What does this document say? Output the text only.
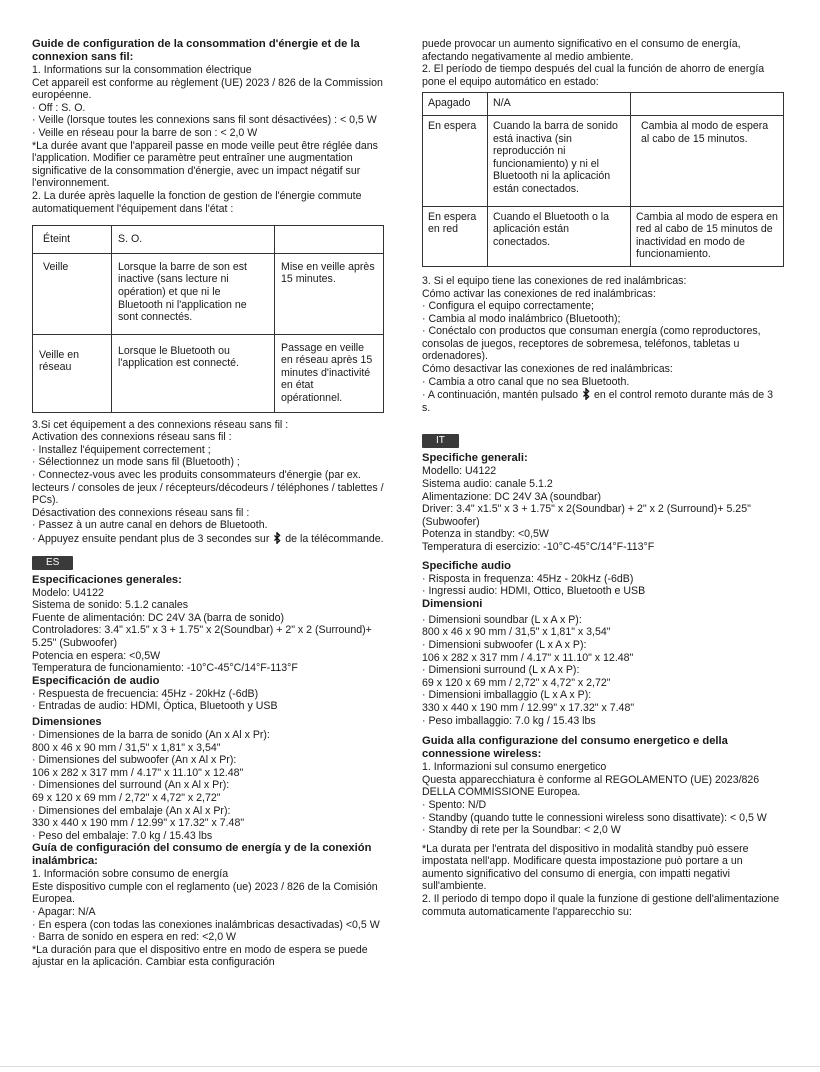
Guide de configuration de la consommation d'énergie et de la connexion sans fil:

1. Informations sur la consommation électrique

Cet appareil est conforme au règlement (UE) 2023 / 826 de la Commission européenne.

· Off : S. O.

· Veille (lorsque toutes les connexions sans fil sont désactivées) : < 0,5 W

· Veille en réseau pour la barre de son : < 2,0 W

*La durée avant que l'appareil passe en mode veille peut être réglée dans l'application. Modifier ce paramètre peut entraîner une augmentation significative de la consommation d'énergie, avec un impact négatif sur l'environnement.

2. La durée après laquelle la fonction de gestion de l'énergie commute automatiquement l'équipement dans l'état :

Éteint	S. O.	
Veille	Lorsque la barre de son est inactive (sans lecture ni opération) et que ni le Bluetooth ni l'application ne sont connectés.	Mise en veille après 15 minutes.
Veille en réseau	Lorsque le Bluetooth ou l'application est connecté.	Passage en veille en réseau après 15 minutes d'inactivité en état opérationnel.

3.Si cet équipement a des connexions réseau sans fil :

Activation des connexions réseau sans fil :

· Installez l'équipement correctement ;

· Sélectionnez un mode sans fil (Bluetooth) ;

· Connectez-vous avec les produits consommateurs d'énergie (par ex. lecteurs / consoles de jeux / récepteurs/décodeurs / téléphones / tablettes / PCs).

Désactivation des connexions réseau sans fil :

· Passez à un autre canal en dehors de Bluetooth.

· Appuyez ensuite pendant plus de 3 secondes sur de la télécommande.

ES

Especificaciones generales:

Modelo: U4122

Sistema de sonido: 5.1.2 canales

Fuente de alimentación: DC 24V 3A (barra de sonido)

Controladores: 3.4" x1.5" x 3 + 1.75" x 2(Soundbar) + 2" x 2 (Surround)+ 5.25" (Subwoofer)

Potencia en espera: <0,5W

Temperatura de funcionamiento: -10°C-45°C/14°F-113°F

Especificación de audio

· Respuesta de frecuencia: 45Hz - 20kHz (-6dB)

· Entradas de audio: HDMI, Óptica, Bluetooth y USB

Dimensiones

· Dimensiones de la barra de sonido (An x Al x Pr):

800 x 46 x 90 mm / 31,5" x 1,81" x 3,54"

· Dimensiones del subwoofer (An x Al x Pr):

106 x 282 x 317 mm / 4.17" x 11.10" x 12.48"

· Dimensiones del surround (An x Al x Pr):

69 x 120 x 69 mm / 2,72" x 4,72" x 2,72"

· Dimensiones del embalaje (An x Al x Pr):

330 x 440 x 190 mm / 12.99" x 17.32" x 7.48"

· Peso del embalaje: 7.0 kg / 15.43 lbs

Guía de configuración del consumo de energía y de la conexión inalámbrica:

1. Información sobre consumo de energía

Este dispositivo cumple con el reglamento (ue) 2023 / 826 de la Comisión Europea.

· Apagar: N/A

· En espera (con todas las conexiones inalámbricas desactivadas) <0,5 W

· Barra de sonido en espera en red: <2,0 W

*La duración para que el dispositivo entre en modo de espera se puede ajustar en la aplicación. Cambiar esta configuración

puede provocar un aumento significativo en el consumo de energía, afectando negativamente al medio ambiente.

2. El período de tiempo después del cual la función de ahorro de energía pone el equipo automático en estado:

Apagado	N/A	
En espera	Cuando la barra de sonido está inactiva (sin reproducción ni funcionamiento) y ni el Bluetooth ni la aplicación están conectados.	Cambia al modo de espera al cabo de 15 minutos.
En espera en red	Cuando el Bluetooth o la aplicación están conectados.	Cambia al modo de espera en red al cabo de 15 minutos de inactividad en modo de funcionamiento.

3. Si el equipo tiene las conexiones de red inalámbricas:

Cómo activar las conexiones de red inalámbricas:

· Configura el equipo correctamente;

· Cambia al modo inalámbrico (Bluetooth);

· Conéctalo con productos que consuman energía (como reproductores, consolas de juegos, receptores de sobremesa, teléfonos, tabletas u ordenadores).

Cómo desactivar las conexiones de red inalámbricas:

· Cambia a otro canal que no sea Bluetooth.

· A continuación, mantén pulsado en el control remoto durante más de 3 s.

IT

Specifiche generali:

Modello: U4122

Sistema audio: canale 5.1.2

Alimentazione: DC 24V 3A (soundbar)

Driver: 3.4" x1.5" x 3 + 1.75" x 2(Soundbar) + 2" x 2 (Surround)+ 5.25" (Subwoofer)

Potenza in standby: <0,5W

Temperatura di esercizio: -10°C-45°C/14°F-113°F

Specifiche audio

· Risposta in frequenza: 45Hz - 20kHz (-6dB)

· Ingressi audio: HDMI, Ottico, Bluetooth e USB

Dimensioni

· Dimensioni soundbar (L x A x P):

800 x 46 x 90 mm / 31,5" x 1,81" x 3,54"

· Dimensioni subwoofer (L x A x P):

106 x 282 x 317 mm / 4.17" x 11.10" x 12.48"

· Dimensioni surround (L x A x P):

69 x 120 x 69 mm / 2,72" x 4,72" x 2,72"

· Dimensioni imballaggio (L x A x P):

330 x 440 x 190 mm / 12.99" x 17.32" x 7.48"

· Peso imballaggio: 7.0 kg / 15.43 lbs

Guida alla configurazione del consumo energetico e della connessione wireless:

1. Informazioni sul consumo energetico

Questa apparecchiatura è conforme al REGOLAMENTO (UE) 2023/826 DELLA COMMISSIONE Europea.

· Spento: N/D

· Standby (quando tutte le connessioni wireless sono disattivate): < 0,5 W

· Standby di rete per la Soundbar: < 2,0 W

*La durata per l'entrata del dispositivo in modalità standby può essere impostata nell'app. Modificare questa impostazione può portare a un aumento significativo del consumo di energia, con impatti negativi sull'ambiente.

2. Il periodo di tempo dopo il quale la funzione di gestione dell'alimentazione commuta automaticamente l'apparecchio su:
